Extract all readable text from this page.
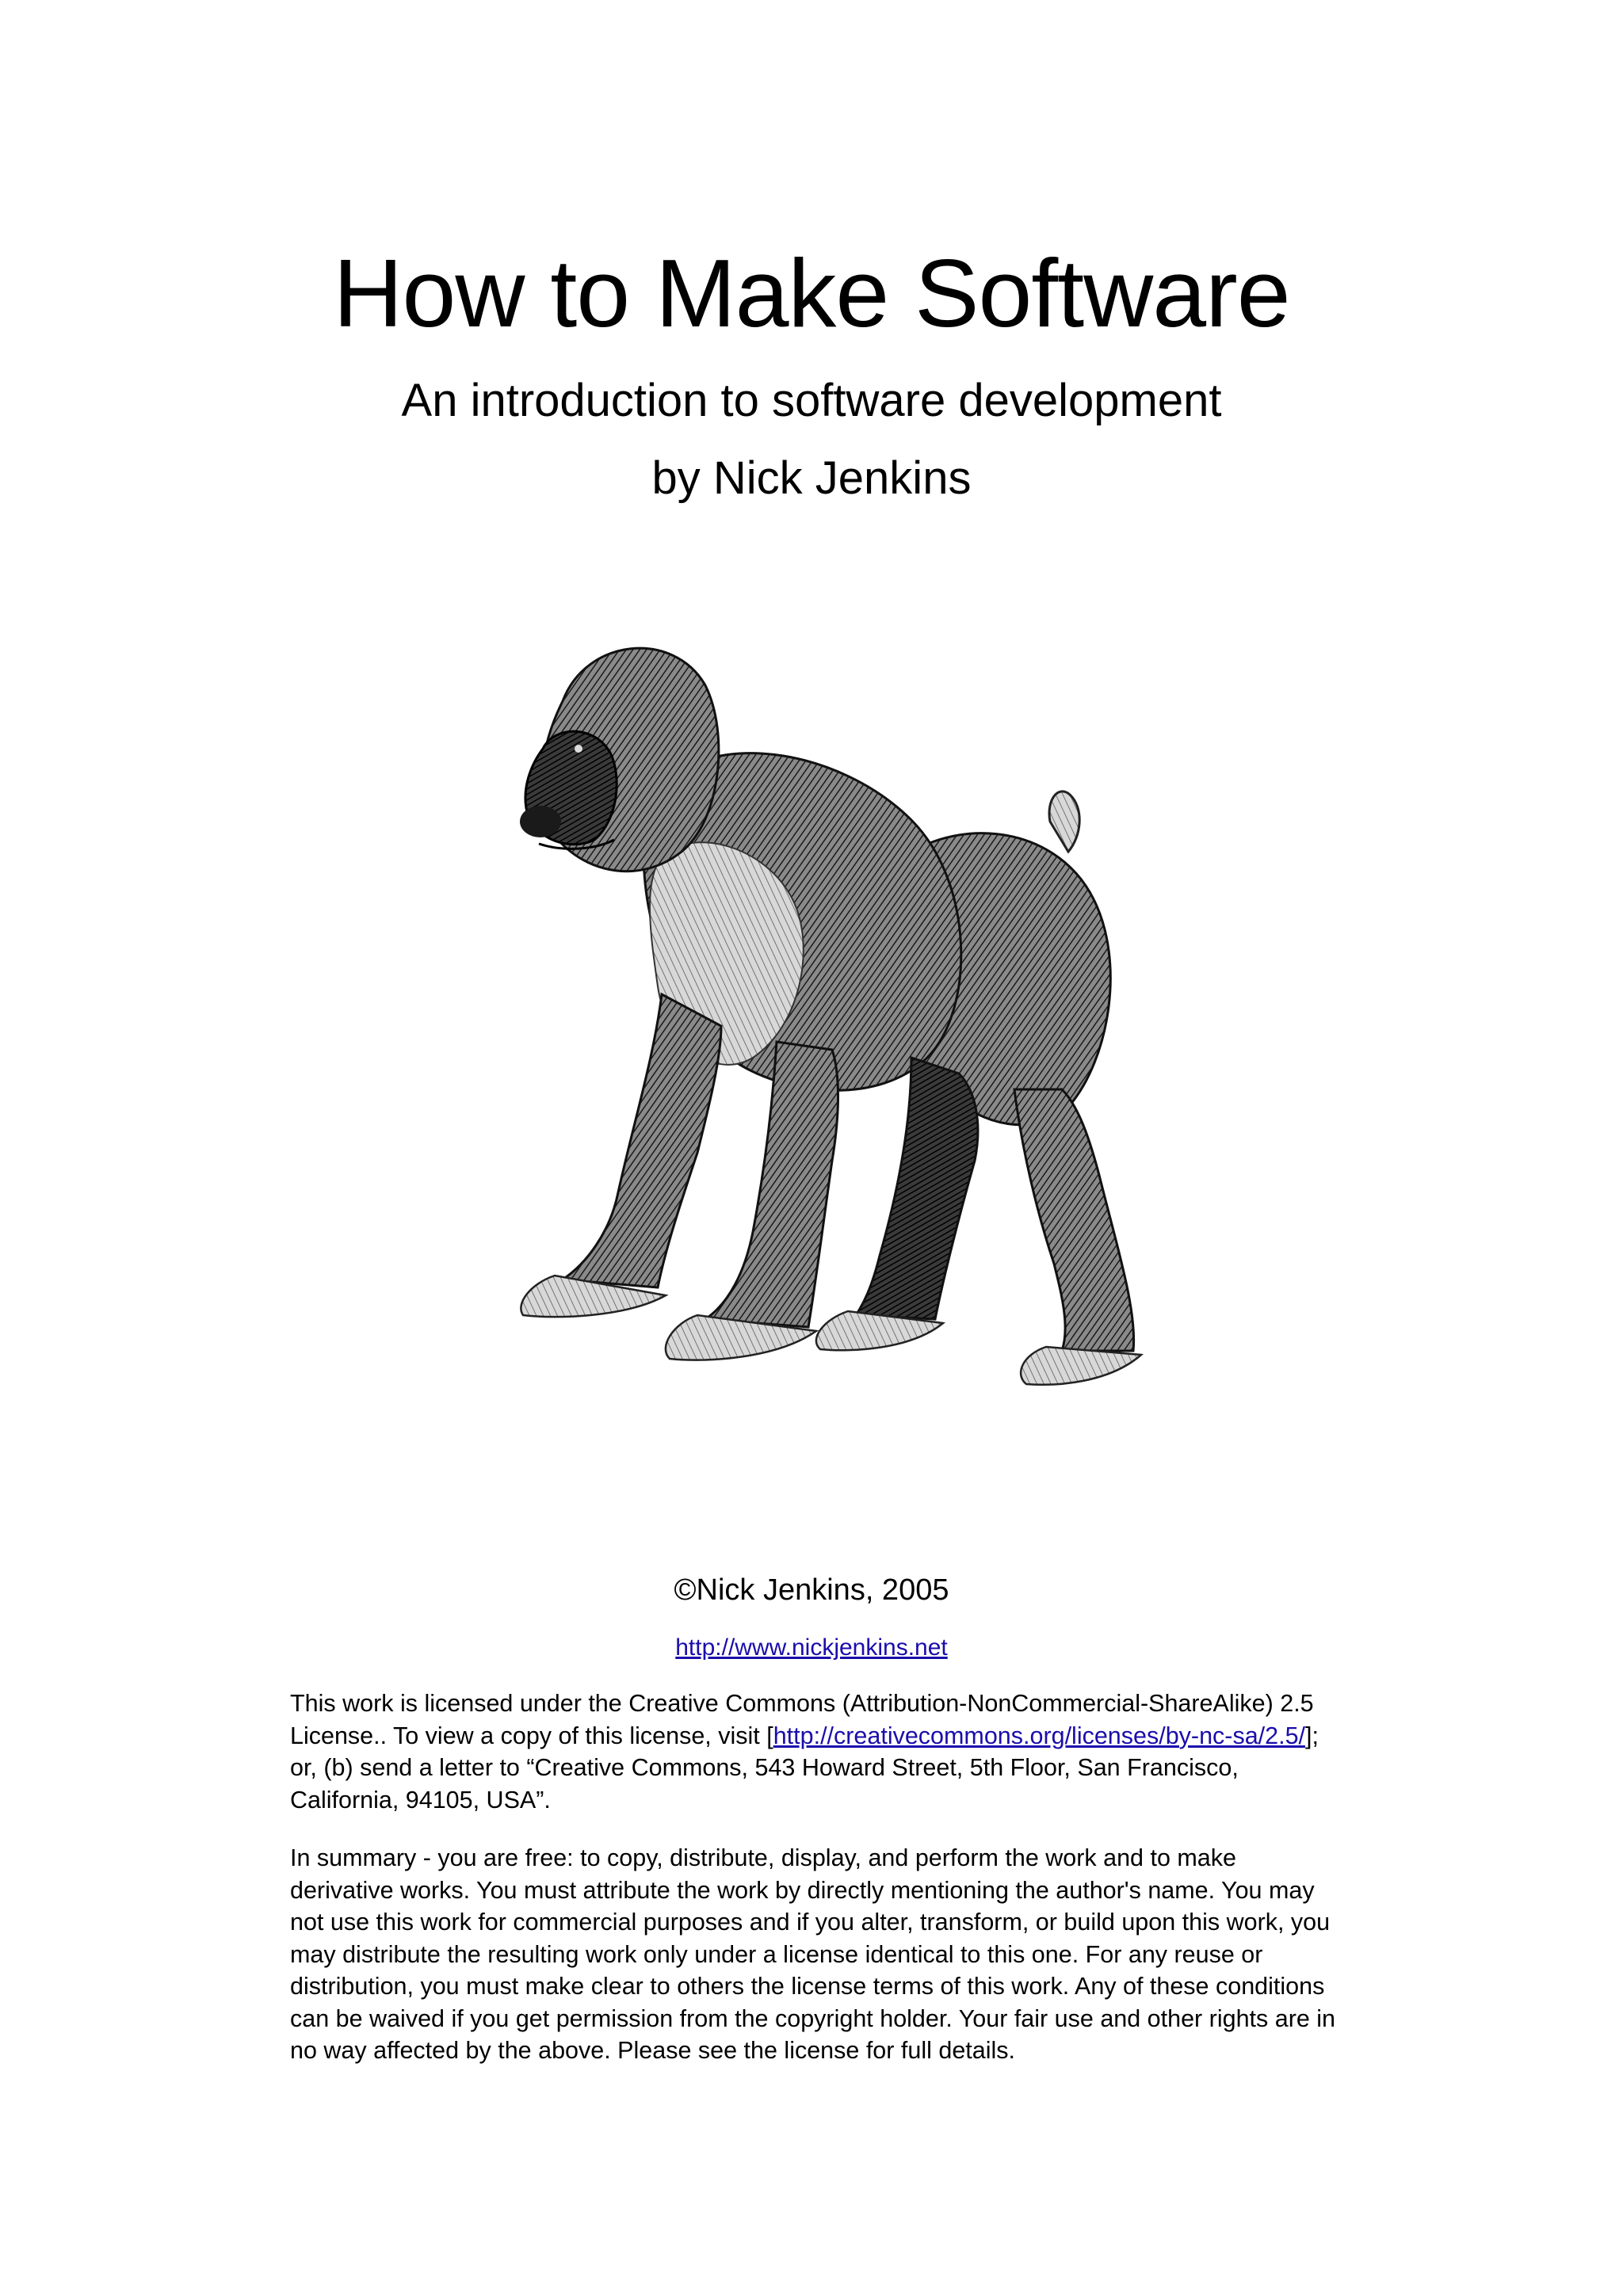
How to Make Software
An introduction to software development
by Nick Jenkins
©Nick Jenkins, 2005
http://www.nickjenkins.net

This work is licensed under the Creative Commons (Attribution-NonCommercial-ShareAlike) 2.5 License.. To view a copy of this license, visit [http://creativecommons.org/licenses/by-nc-sa/2.5/]; or, (b) send a letter to “Creative Commons, 543 Howard Street, 5th Floor, San Francisco, California, 94105, USA”.

In summary - you are free: to copy, distribute, display, and perform the work and to make derivative works. You must attribute the work by directly mentioning the author's name. You may not use this work for commercial purposes and if you alter, transform, or build upon this work, you may distribute the resulting work only under a license identical to this one. For any reuse or distribution, you must make clear to others the license terms of this work. Any of these conditions can be waived if you get permission from the copyright holder. Your fair use and other rights are in no way affected by the above. Please see the license for full details.
